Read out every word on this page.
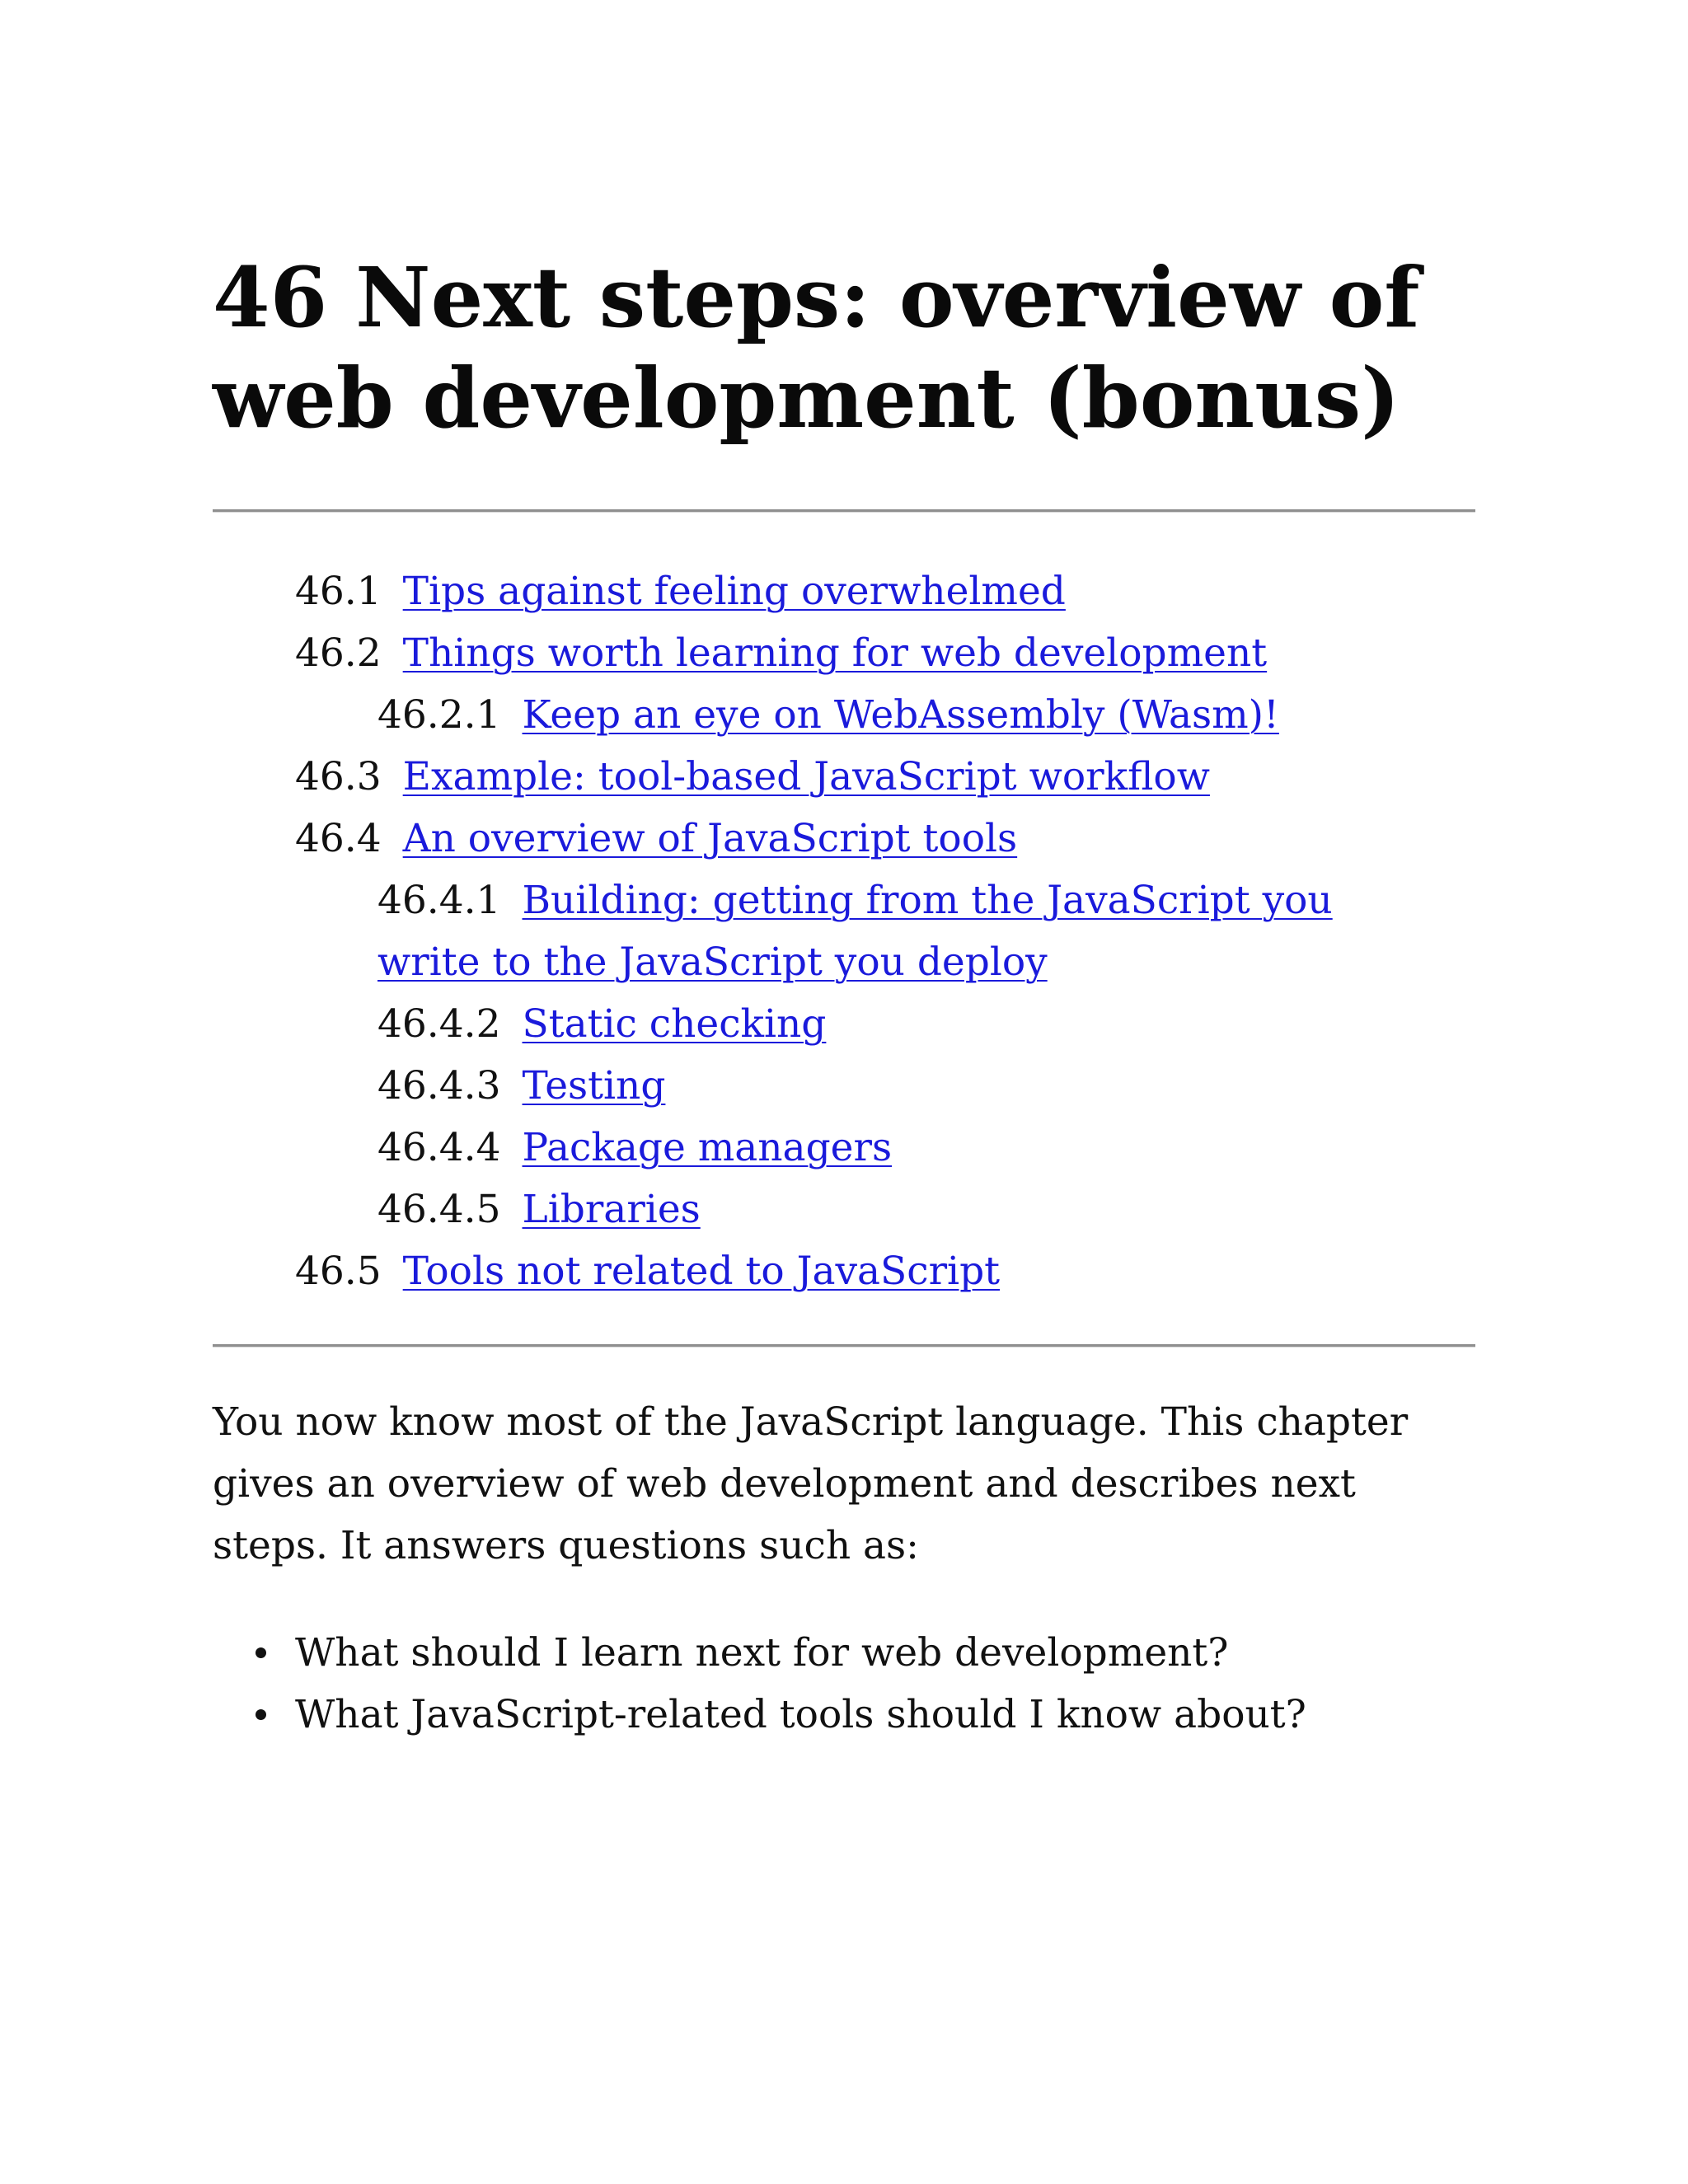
46 Next steps: overview of
web development (bonus)
46.1 Tips against feeling overwhelmed
46.2 Things worth learning for web development
46.2.1 Keep an eye on WebAssembly (Wasm)!
46.3 Example: tool-based JavaScript workflow
46.4 An overview of JavaScript tools
46.4.1 Building: getting from the JavaScript you write to the JavaScript you deploy
46.4.2 Static checking
46.4.3 Testing
46.4.4 Package managers
46.4.5 Libraries
46.5 Tools not related to JavaScript

You now know most of the JavaScript language. This chapter gives an overview of web development and describes next steps. It answers questions such as:

What should I learn next for web development?
What JavaScript-related tools should I know about?
